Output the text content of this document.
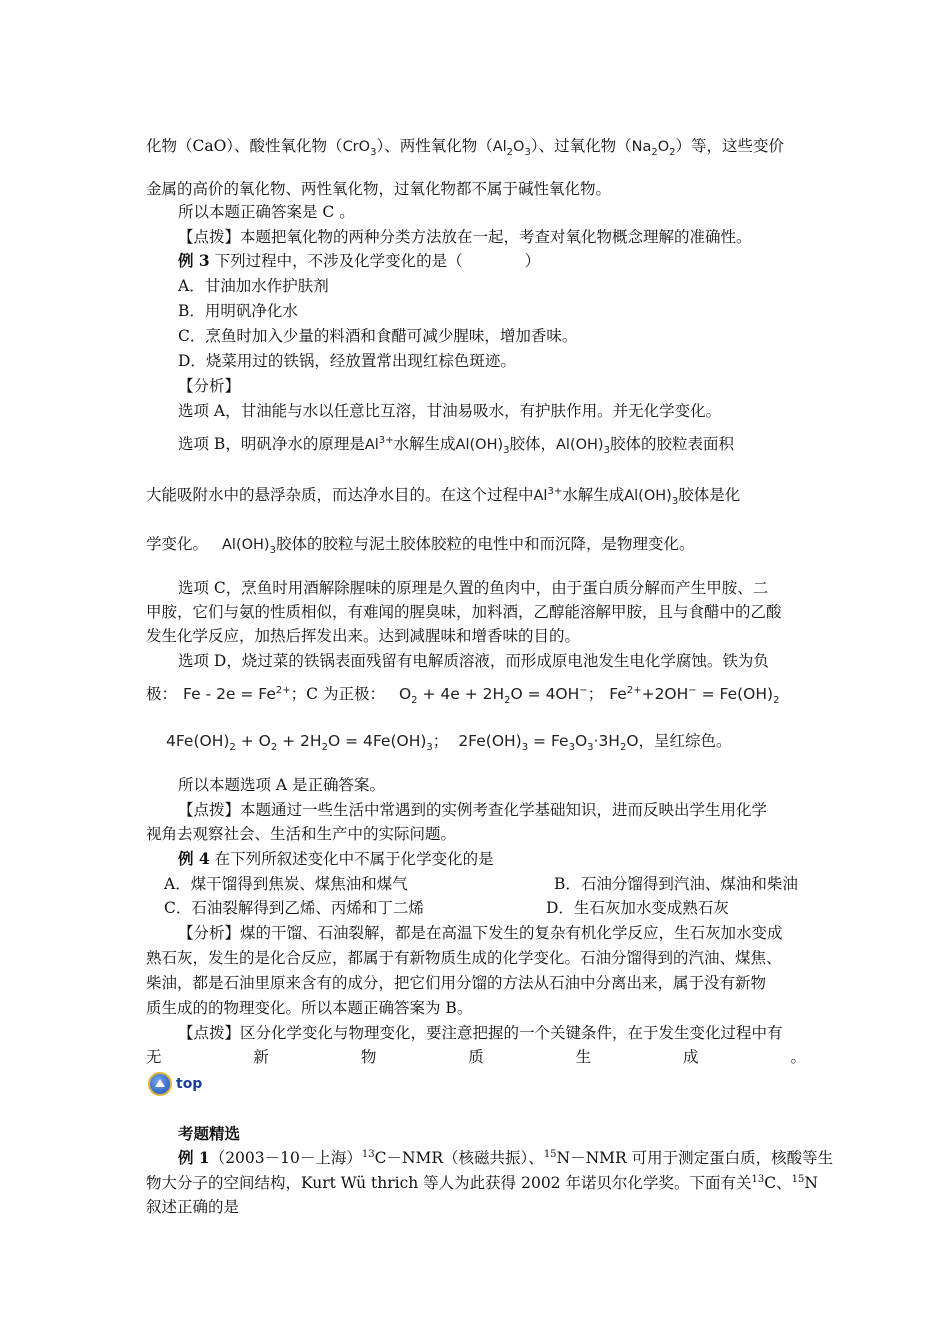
化物（CaO）、酸性氧化物（CrO$_3$）、两性氧化物$(Al_2O_3)$、过氧化物$(Na_2O_2)$等，这些变价
金属的高价的氧化物、两性氧化物，过氧化物都不属于碱性氧化物。
所以本题正确答案是 C 。
【点拨】本题把氧化物的两种分类方法放在一起，考查对氧化物概念理解的准确性。
例 3 下列过程中，不涉及化学变化的是（　　　　）
A．甘油加水作护肤剂
B．用明矾净化水
C．烹鱼时加入少量的料酒和食醋可减少腥味，增加香味。
D．烧菜用过的铁锅，经放置常出现红棕色斑迹。
【分析】
选项 A，甘油能与水以任意比互溶，甘油易吸水，有护肤作用。并无化学变化。
选项 B，明矾净水的原理是$Al^{3+}$水解生成$Al(OH)_3$胶体，$Al(OH)_3$胶体的胶粒表面积
大能吸附水中的悬浮杂质，而达净水目的。在这个过程中$Al^{3+}$水解生成$Al(OH)_3$胶体是化
学变化。 $Al(OH)_3$胶体的胶粒与泥土胶体胶粒的电性中和而沉降，是物理变化。
选项 C，烹鱼时用酒解除腥味的原理是久置的鱼肉中，由于蛋白质分解而产生甲胺、二
甲胺，它们与氨的性质相似，有难闻的腥臭味，加料酒，乙醇能溶解甲胺，且与食醋中的乙酸
发生化学反应，加热后挥发出来。达到减腥味和增香味的目的。
选项 D，烧过菜的铁锅表面残留有电解质溶液，而形成原电池发生电化学腐蚀。铁为负
极： $Fe - 2e = Fe^{2+}$；C 为正极： $O_2 + 4e + 2H_2O = 4OH^-$； $Fe^{2+}+2OH^- = Fe(OH)_2$
$4Fe(OH)_2 + O_2 + 2H_2O = 4Fe(OH)_3$； $2Fe(OH)_3 = Fe_3O_3\cdot 3H_2O$，呈红综色。
所以本题选项 A 是正确答案。
【点拨】本题通过一些生活中常遇到的实例考查化学基础知识，进而反映出学生用化学
视角去观察社会、生活和生产中的实际问题。
例 4 在下列所叙述变化中不属于化学变化的是
A．煤干馏得到焦炭、煤焦油和煤气	B．石油分馏得到汽油、煤油和柴油
C．石油裂解得到乙烯、丙烯和丁二烯	D．生石灰加水变成熟石灰
【分析】煤的干馏、石油裂解，都是在高温下发生的复杂有机化学反应，生石灰加水变成
熟石灰，发生的是化合反应，都属于有新物质生成的化学变化。石油分馏得到的汽油、煤焦、
柴油，都是石油里原来含有的成分，把它们用分馏的方法从石油中分离出来，属于没有新物
质生成的的物理变化。所以本题正确答案为 B。
【点拨】区分化学变化与物理变化，要注意把握的一个关键条件，在于发生变化过程中有
无	新	物	质	生	成	。
top
考题精选
例 1（2003－10－上海）$^{13}$C－NMR（核磁共振）、$^{15}$N－NMR 可用于测定蛋白质，核酸等生
物大分子的空间结构，Kurt Wü thrich 等人为此获得 2002 年诺贝尔化学奖。下面有关$^{13}$C、$^{15}$N
叙述正确的是
